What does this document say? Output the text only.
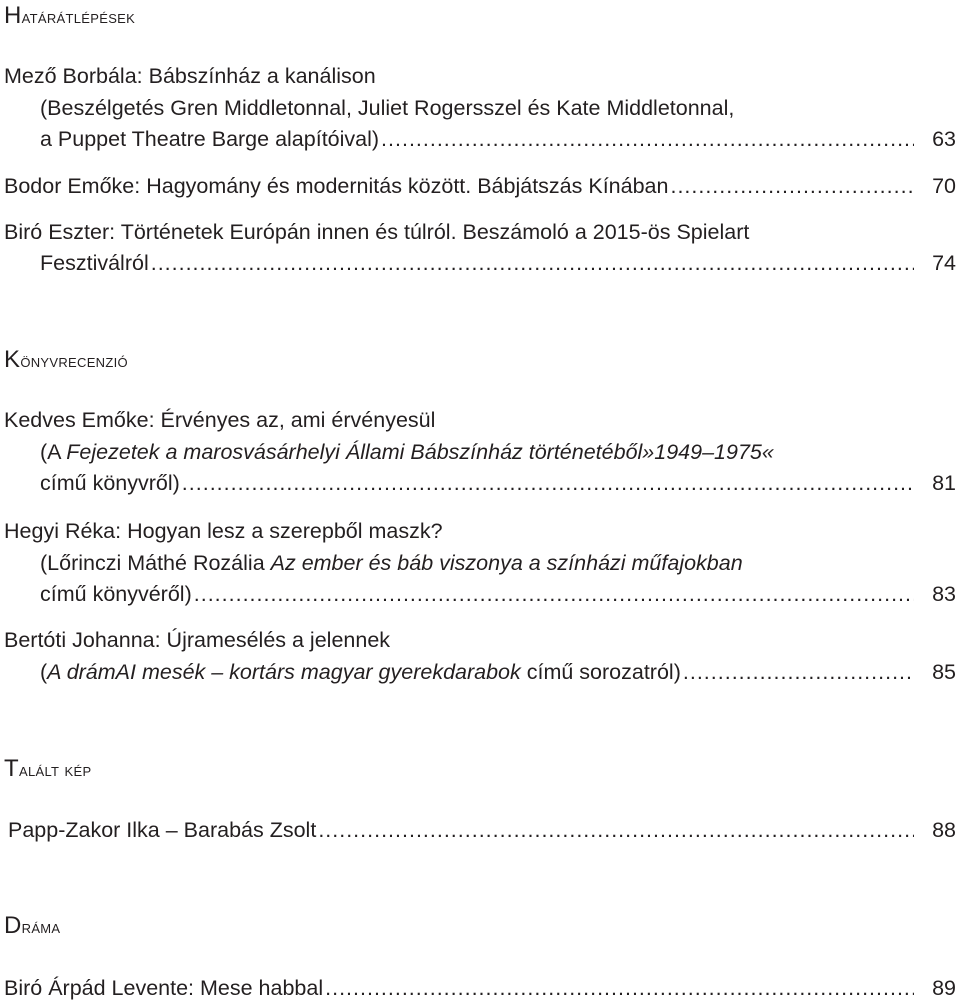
Határátlépések
Mező Borbála: Bábszínház a kanálison
(Beszélgetés Gren Middletonnal, Juliet Rogersszel és Kate Middletonnal,
a Puppet Theatre Barge alapítóival) .....	63
Bodor Emőke: Hagyomány és modernitás között. Bábjátszás Kínában .....	70
Biró Eszter: Történetek Európán innen és túlról. Beszámoló a 2015-ös Spielart
Fesztiválról .....	74
Könyvrecenzió
Kedves Emőke: Érvényes az, ami érvényesül
(A Fejezetek a marosvásárhelyi Állami Bábszínház történetéből»1949–1975«
című könyvről) .....	81
Hegyi Réka: Hogyan lesz a szerepből maszk?
(Lőrinczi Máthé Rozália Az ember és báb viszonya a színházi műfajokban
című könyvéről) .....	83
Bertóti Johanna: Újramesélés a jelennek
(A drámAI mesék – kortárs magyar gyerekdarabok című sorozatról) .....	85
Talált kép
Papp-Zakor Ilka – Barabás Zsolt .....	88
Dráma
Biró Árpád Levente: Mese habbal .....	89
